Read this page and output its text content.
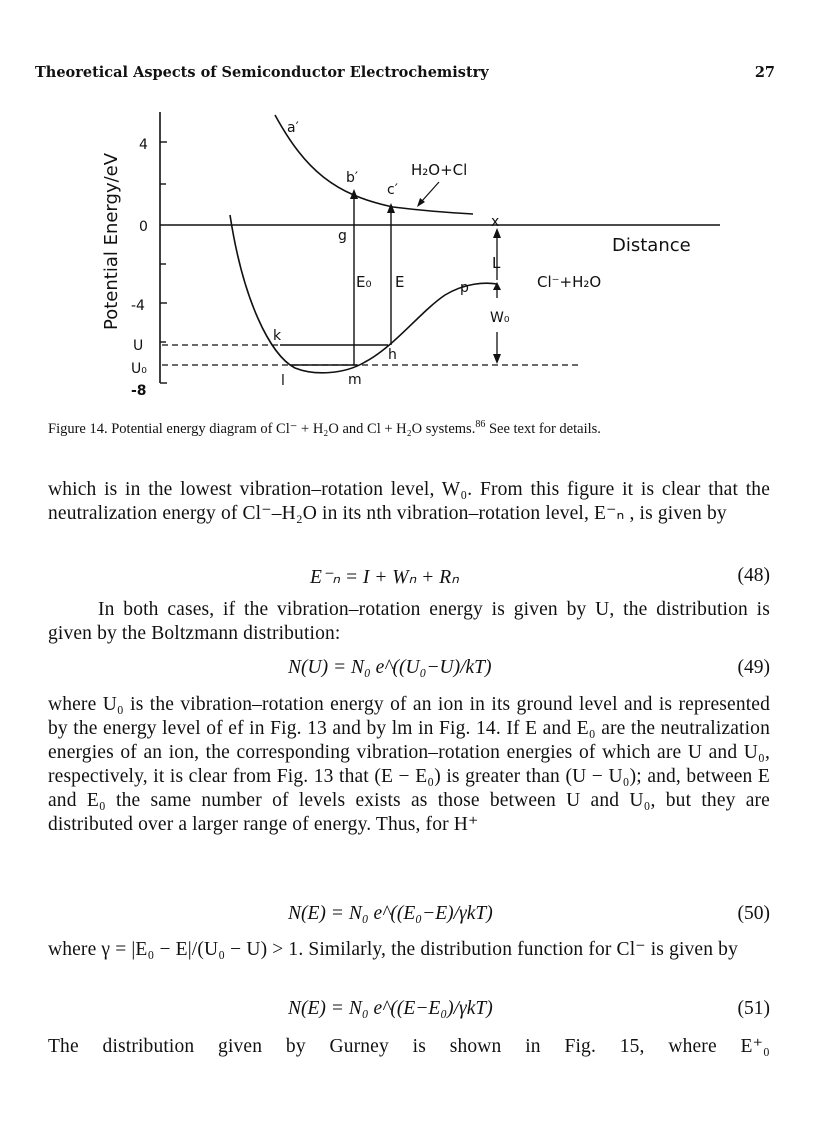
Theoretical Aspects of Semiconductor Electrochemistry	27
Potential Energy/eV
4
0
-4
U
U₀
-8
Distance
a′
b′
c′
H₂O+Cl
E₀ E
g
k
h
l	m
p
x
L
W₀
Cl⁻+H₂O
Figure 14. Potential energy diagram of Cl⁻ + H₂O and Cl + H₂O systems.$^{86}$ See text for details.
which is in the lowest vibration–rotation level, W₀. From this figure it is clear that the neutralization energy of Cl⁻–H₂O in its nth vibration–rotation level, E⁻ₙ , is given by
E⁻ₙ = I + Wₙ + Rₙ	(48)
In both cases, if the vibration–rotation energy is given by U, the distribution is given by the Boltzmann distribution:
N(U) = N₀ e^((U₀−U)/kT)	(49)
where U₀ is the vibration–rotation energy of an ion in its ground level and is represented by the energy level of ef in Fig. 13 and by lm in Fig. 14. If E and E₀ are the neutralization energies of an ion, the corresponding vibration–rotation energies of which are U and U₀, respectively, it is clear from Fig. 13 that (E − E₀) is greater than (U − U₀); and, between E and E₀ the same number of levels exists as those between U and U₀, but they are distributed over a larger range of energy. Thus, for H⁺
N(E) = N₀ e^((E₀−E)/γkT)	(50)
where γ = |E₀ − E|/(U₀ − U) > 1. Similarly, the distribution function for Cl⁻ is given by
N(E) = N₀ e^((E−E₀)/γkT)	(51)
The distribution given by Gurney is shown in Fig. 15, where E⁺₀
